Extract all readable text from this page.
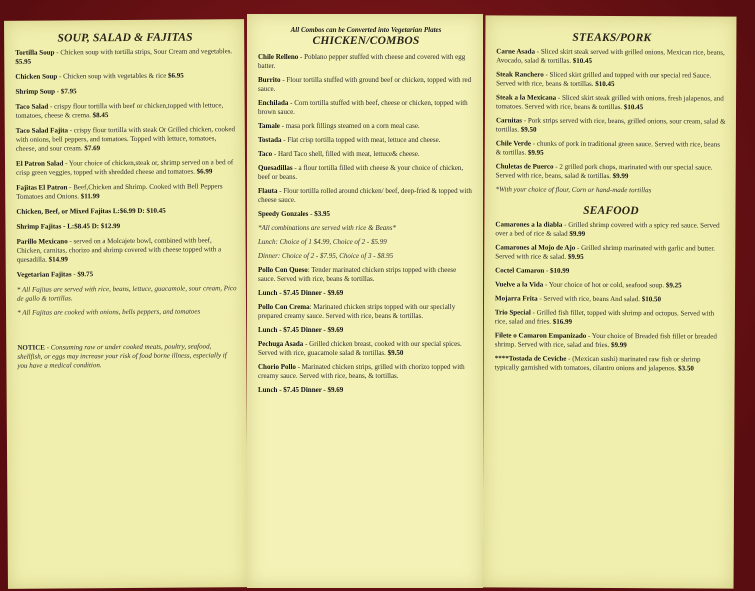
SOUP, SALAD & FAJITAS
Tortilla Soup - Chicken soup with tortilla strips, Sour Cream and vegetables. $5.95
Chicken Soup - Chicken soup with vegetables & rice $6.95
Shrimp Soup - $7.95
Taco Salad - crispy flour tortilla with beef or chicken,topped with lettuce, tomatoes, cheese & crema. $8.45
Taco Salad Fajita - crispy flour tortilla with steak Or Grilled chicken, cooked with onions, bell peppers, and tomatoes. Topped with lettuce, tomatoes, cheese, and sour cream. $7.69
El Patron Salad - Your choice of chicken,steak or, shrimp served on a bed of crisp green veggies, topped with shredded cheese and tomatoes. $6.99
Fajitas El Patron - Beef,Chicken and Shrimp. Cooked with Bell Peppers Tomatoes and Onions. $11.99
Chicken, Beef, or Mixed Fajitas L:$6.99 D: $10.45
Shrimp Fajitas - L:$8.45 D: $12.99
Parillo Mexicano - served on a Molcajete bowl, combined with beef, Chicken, carnitas, chorizo and shrimp covered with cheese topped with a quesadilla. $14.99
Vegetarian Fajitas - $9.75
* All Fajitas are served with rice, beans, lettuce, guacamole, sour cream, Pico de gallo & tortillas.
* All Fajitas are cooked with onions, bells peppers, and tomatoes
NOTICE - Consuming raw or under cooked meats, poultry, seafood, shellfish, or eggs may increase your risk of food borne illness, especially if you have a medical condition.
All Combos can be Converted into Vegetarian Plates
CHICKEN/COMBOS
Chile Relleno - Poblano pepper stuffed with cheese and covered with egg batter.
Burrito - Flour tortilla stuffed with ground beef or chicken, topped with red sauce.
Enchilada - Corn tortilla stuffed with beef, cheese or chicken, topped with brown sauce.
Tamale - masa pork fillings steamed on a corn meal case.
Tostada - Flat crisp tortilla topped with meat, lettuce and cheese.
Taco - Hard Taco shell, filled with meat, lettuce& cheese.
Quesadillas - a flour tortilla filled with cheese & your choice of chicken, beef or beans.
Flauta - Flour tortilla rolled around chicken/ beef, deep-fried & topped with cheese sauce.
Speedy Gonzales - $3.95
*All combinations are served with rice & Beans*
Lunch: Choice of 1 $4.99, Choice of 2 - $5.99
Dinner: Choice of 2 - $7.95, Choice of 3 - $8.95
Pollo Con Queso: Tender marinated chicken strips topped with cheese sauce. Served with rice, beans & tortillas.
Lunch - $7.45 Dinner - $9.69
Pollo Con Crema: Marinated chicken strips topped with our specially prepared creamy sauce. Served with rice, beans & tortillas.
Lunch - $7.45 Dinner - $9.69
Pechuga Asada - Grilled chicken breast, cooked with our special spices. Served with rice, guacamole salad & tortillas. $9.50
Chorio Pollo - Marinated chicken strips, grilled with chorizo topped with creamy sauce. Served with rice, beans, & tortillas.
Lunch - $7.45 Dinner - $9.69
STEAKS/PORK
Carne Asada - Sliced skirt steak served with grilled onions, Mexican rice, beans, Avocado, salad & tortillas. $10.45
Steak Ranchero - Sliced skirt grilled and topped with our special red Sauce. Served with rice, beans & tortillas. $10.45
Steak a la Mexicana - Sliced skirt steak grilled with onions, fresh jalapenos, and tomatoes. Served with rice, beans & tortillas. $10.45
Carnitas - Pork strips served with rice, beans, grilled onions, sour cream, salad & tortillas. $9.50
Chile Verde - chunks of pork in traditional green sauce. Served with rice, beans & tortillas. $9.95
Chuletas de Puerco - 2 grilled pork chops, marinated with our special sauce. Served with rice, beans, salad & tortillas. $9.99
*With your choice of flour, Corn or hand-made tortillas
SEAFOOD
Camarones a la diabla - Grilled shrimp covered with a spicy red sauce. Served over a bed of rice & salad $9.99
Camarones al Mojo de Ajo - Grilled shrimp marinated with garlic and butter. Served with rice & salad. $9.95
Coctel Camaron - $10.99
Vuelve a la Vida - Your choice of hot or cold, seafood soup. $9.25
Mojarra Frita - Served with rice, beans And salad. $10.50
Trio Special - Grilled fish fillet, topped with shrimp and octopus. Served with rice, salad and fries. $16.99
Filete o Camaron Empanizado - Your choice of Breaded fish fillet or breaded shrimp. Served with rice, salad and fries. $9.99
****Tostada de Ceviche - (Mexican sushi) marinated raw fish or shrimp typically garnished with tomatoes, cilantro onions and jalapenos. $3.50
